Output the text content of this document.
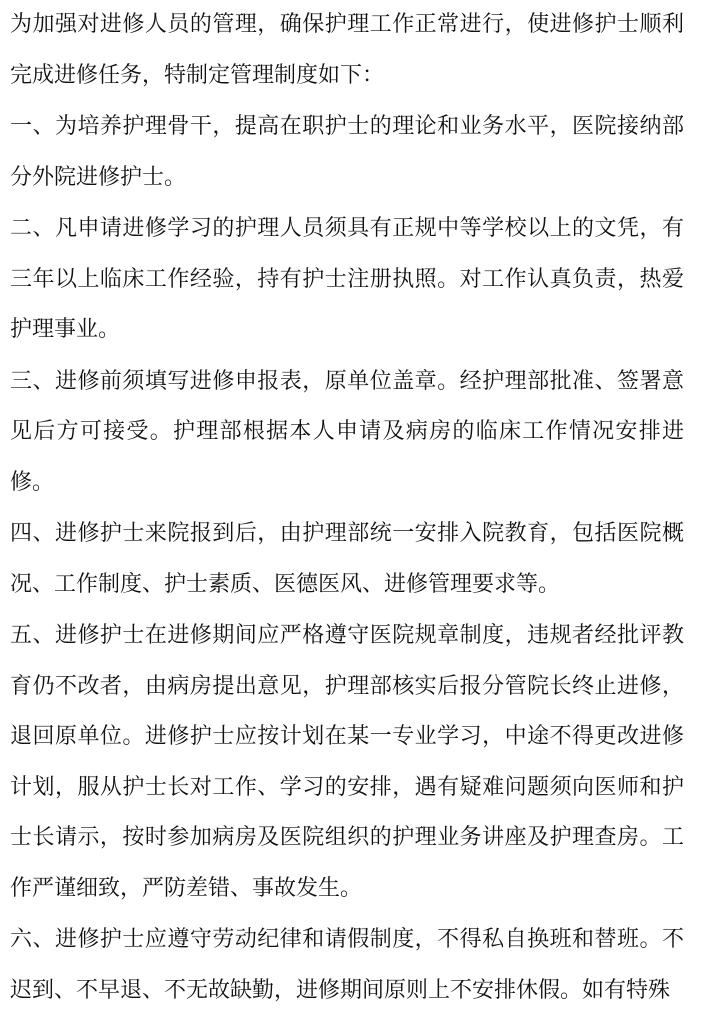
为加强对进修人员的管理，确保护理工作正常进行，使进修护士顺利完成进修任务，特制定管理制度如下：

一、为培养护理骨干，提高在职护士的理论和业务水平，医院接纳部分外院进修护士。

二、凡申请进修学习的护理人员须具有正规中等学校以上的文凭，有三年以上临床工作经验，持有护士注册执照。对工作认真负责，热爱护理事业。

三、进修前须填写进修申报表，原单位盖章。经护理部批准、签署意见后方可接受。护理部根据本人申请及病房的临床工作情况安排进修。

四、进修护士来院报到后，由护理部统一安排入院教育，包括医院概况、工作制度、护士素质、医德医风、进修管理要求等。

五、进修护士在进修期间应严格遵守医院规章制度，违规者经批评教育仍不改者，由病房提出意见，护理部核实后报分管院长终止进修，退回原单位。进修护士应按计划在某一专业学习，中途不得更改进修计划，服从护士长对工作、学习的安排，遇有疑难问题须向医师和护士长请示，按时参加病房及医院组织的护理业务讲座及护理查房。工作严谨细致，严防差错、事故发生。

六、进修护士应遵守劳动纪律和请假制度，不得私自换班和替班。不迟到、不早退、不无故缺勤，进修期间原则上不安排休假。如有特殊
